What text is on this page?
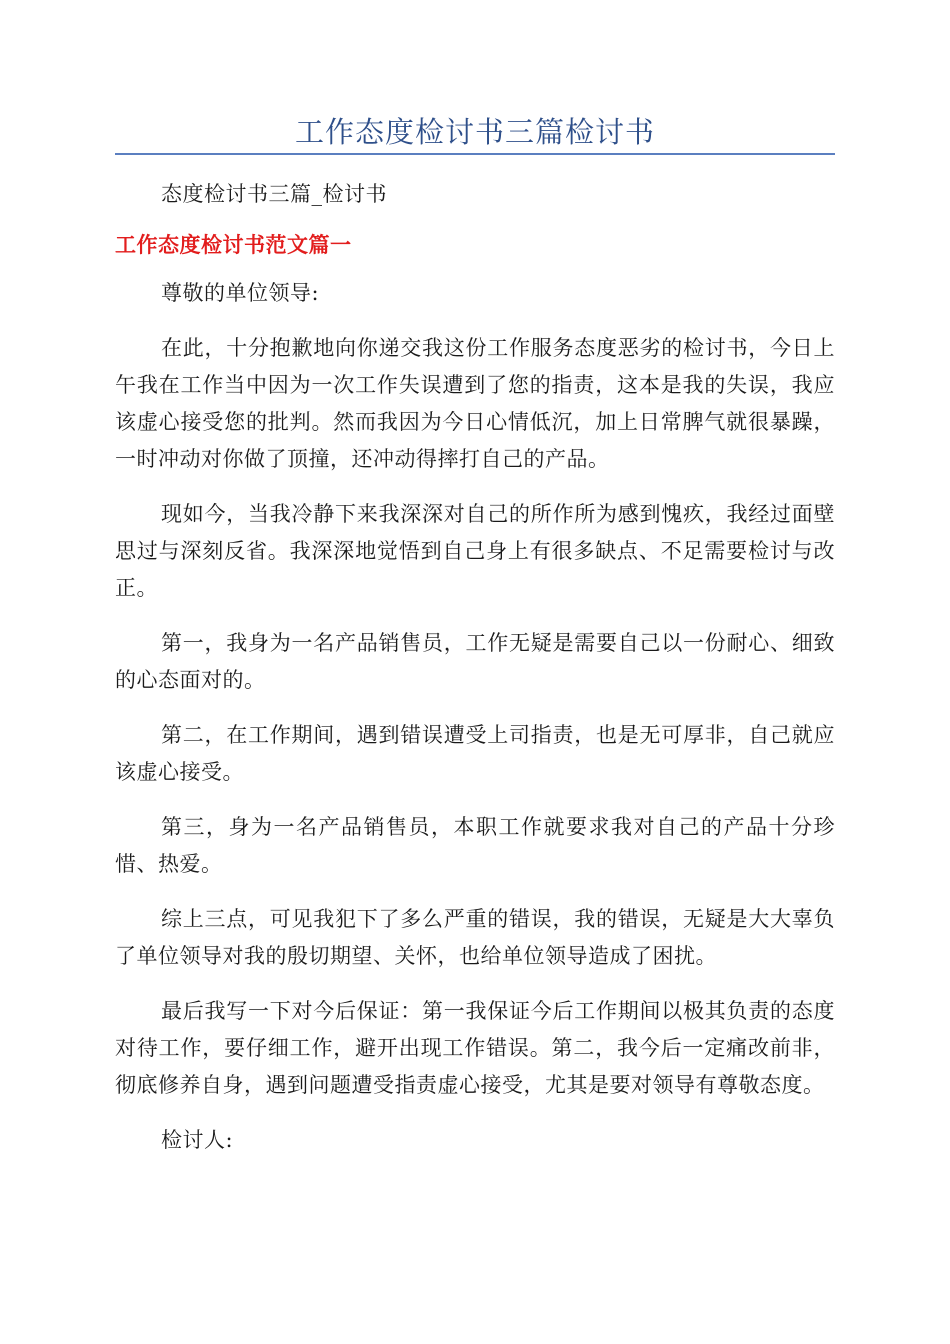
工作态度检讨书三篇检讨书

态度检讨书三篇_检讨书

工作态度检讨书范文篇一

尊敬的单位领导:

在此，十分抱歉地向你递交我这份工作服务态度恶劣的检讨书，今日上午我在工作当中因为一次工作失误遭到了您的指责，这本是我的失误，我应该虚心接受您的批判。然而我因为今日心情低沉，加上日常脾气就很暴躁，一时冲动对你做了顶撞，还冲动得摔打自己的产品。

现如今，当我冷静下来我深深对自己的所作所为感到愧疚，我经过面壁思过与深刻反省。我深深地觉悟到自己身上有很多缺点、不足需要检讨与改正。

第一，我身为一名产品销售员，工作无疑是需要自己以一份耐心、细致的心态面对的。

第二，在工作期间，遇到错误遭受上司指责，也是无可厚非，自己就应该虚心接受。

第三，身为一名产品销售员，本职工作就要求我对自己的产品十分珍惜、热爱。

综上三点，可见我犯下了多么严重的错误，我的错误，无疑是大大辜负了单位领导对我的殷切期望、关怀，也给单位领导造成了困扰。

最后我写一下对今后保证：第一我保证今后工作期间以极其负责的态度对待工作，要仔细工作，避开出现工作错误。第二，我今后一定痛改前非，彻底修养自身，遇到问题遭受指责虚心接受，尤其是要对领导有尊敬态度。

检讨人:
